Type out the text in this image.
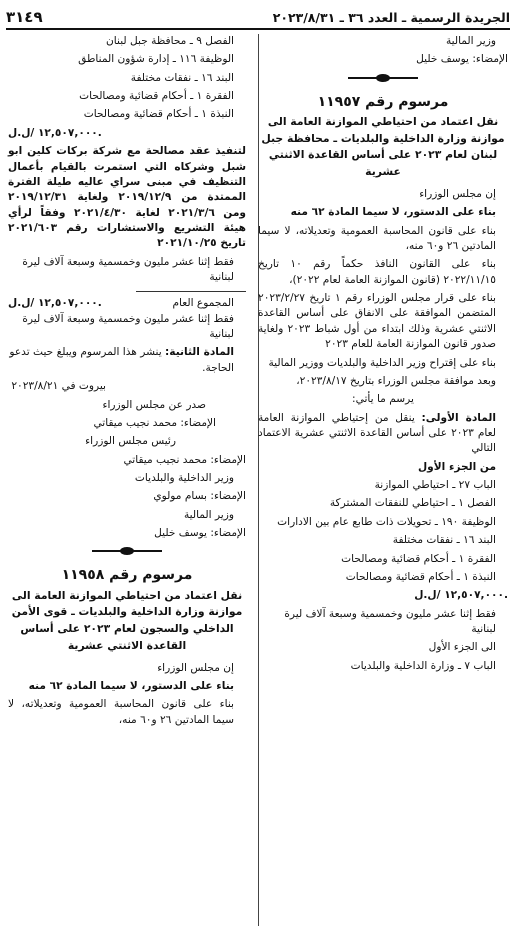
الجريدة الرسمية ـ العدد ٣٦ ـ ٢٠٢٣/٨/٣١
٣١٤٩

وزير المالية

الإمضاء: يوسف خليل

مرسوم رقم ١١٩٥٧
نقل اعتماد من احتياطي الموازنة العامة الى موازنة وزارة الداخلية والبلديات ـ محافظة جبل لبنان لعام ٢٠٢٣ على أساس القاعدة الاثنتي عشرية

إن مجلس الوزراء

بناء على الدستور، لا سيما المادة ٦٢ منه

بناء على قانون المحاسبة العمومية وتعديلاته، لا سيما المادتين ٢٦ و٦٠ منه،

بناء على القانون النافذ حكماً رقم ١٠ تاريخ ٢٠٢٢/١١/١٥ (قانون الموازنة العامة لعام ٢٠٢٢)،

بناء على قرار مجلس الوزراء رقم ١ تاريخ ٢٠٢٣/٢/٢٧ المتضمن الموافقة على الانفاق على أساس القاعدة الاثنتي عشرية وذلك ابتداء من أول شباط ٢٠٢٣ ولغاية صدور قانون الموازنة العامة للعام ٢٠٢٣

بناء على إقتراح وزير الداخلية والبلديات ووزير المالية

وبعد موافقة مجلس الوزراء بتاريخ ٢٠٢٣/٨/١٧،

يرسم ما يأتي:

المادة الأولى: ينقل من إحتياطي الموازنة العامة لعام ٢٠٢٣ على أساس القاعدة الاثنتي عشرية الاعتماد التالي

من الجزء الأول

الباب ٢٧ ـ احتياطي الموازنة

الفصل ١ ـ احتياطي للنفقات المشتركة

الوظيفة ١٩٠ ـ تحويلات ذات طابع عام بين الادارات

البند ١٦ ـ نفقات مختلفة

الفقرة ١ ـ أحكام قضائية ومصالحات

النبذة ١ ـ أحكام قضائية ومصالحات

١٢,٥٠٧,٠٠٠ /ل.ل.

فقط إثنا عشر مليون وخمسمية وسبعة آلاف ليرة لبنانية

الى الجزء الأول

الباب ٧ ـ وزارة الداخلية والبلديات

الفصل ٩ ـ محافظة جبل لبنان

الوظيفة ١١٦ ـ إدارة شؤون المناطق

البند ١٦ ـ نفقات مختلفة

الفقرة ١ ـ أحكام قضائية ومصالحات

النبذة ١ ـ أحكام قضائية ومصالحات

١٢,٥٠٧,٠٠٠ /ل.ل.

لتنفيذ عقد مصالحة مع شركة بركات كلين ابو شبل وشركاه التي استمرت بالقيام بأعمال التنظيف في مبنى سراي عاليه طيلة الفترة الممتدة من ٢٠١٩/١٢/٩ ولغاية ٢٠١٩/١٢/٣١ ومن ٢٠٢١/٣/٦ لغاية ٢٠٢١/٤/٣٠ وفقاً لرأي هيئة التشريع والاستشارات رقم ٢٠٢١/٦٠٣ تاريخ ٢٠٢١/١٠/٢٥

فقط إثنا عشر مليون وخمسمية وسبعة آلاف ليرة لبنانية

المجموع العام
١٢,٥٠٧,٠٠٠ /ل.ل.

فقط إثنا عشر مليون وخمسمية وسبعة آلاف ليرة لبنانية

المادة الثانية: ينشر هذا المرسوم ويبلغ حيث تدعو الحاجة.

بيروت في ٢٠٢٣/٨/٢١

صدر عن مجلس الوزراء

الإمضاء: محمد نجيب ميقاتي

رئيس مجلس الوزراء

الإمضاء: محمد نجيب ميقاتي

وزير الداخلية والبلديات

الإمضاء: بسام مولوي

وزير المالية

الإمضاء: يوسف خليل

مرسوم رقم ١١٩٥٨
نقل اعتماد من احتياطي الموازنة العامة الى موازنة وزارة الداخلية والبلديات ـ قوى الأمن الداخلي والسجون لعام ٢٠٢٣ على أساس القاعدة الاثنتي عشرية

إن مجلس الوزراء

بناء على الدستور، لا سيما المادة ٦٢ منه

بناء على قانون المحاسبة العمومية وتعديلاته، لا سيما المادتين ٢٦ و٦٠ منه،
